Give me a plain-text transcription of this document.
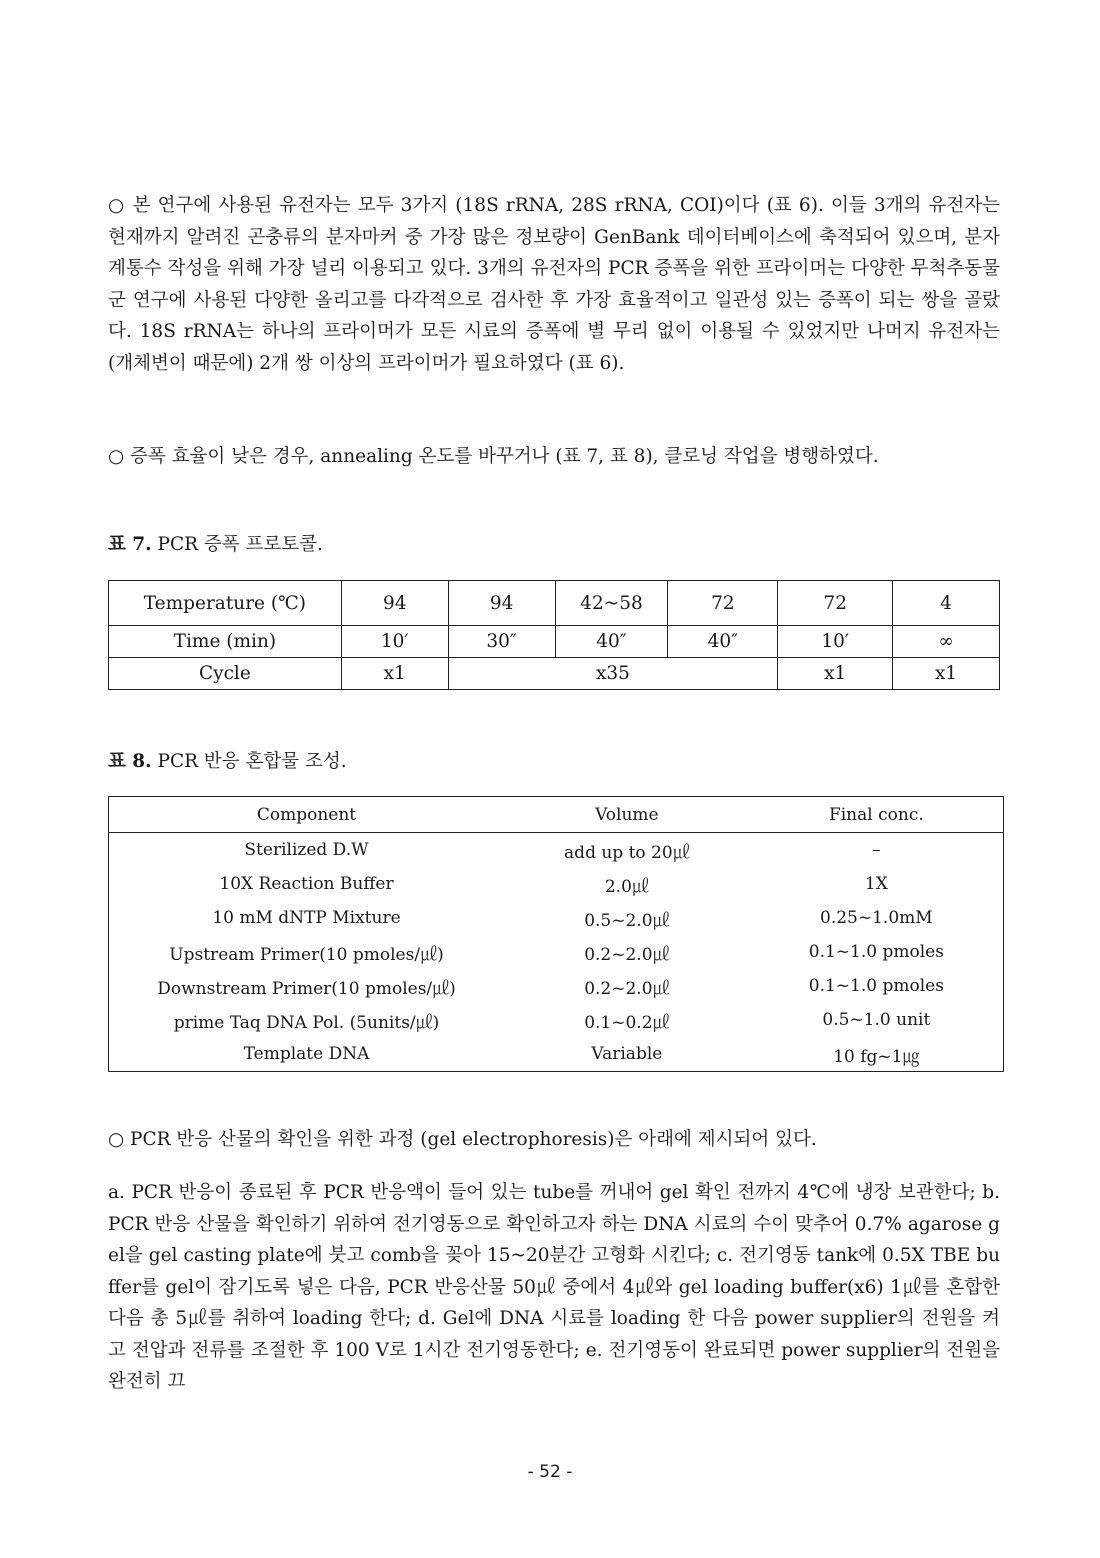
○ 본 연구에 사용된 유전자는 모두 3가지 (18S rRNA, 28S rRNA, COI)이다 (표 6). 이들 3개의 유전자는 현재까지 알려진 곤충류의 분자마커 중 가장 많은 정보량이 GenBank 데이터베이스에 축적되어 있으며, 분자계통수 작성을 위해 가장 널리 이용되고 있다. 3개의 유전자의 PCR 증폭을 위한 프라이머는 다양한 무척추동물군 연구에 사용된 다양한 올리고를 다각적으로 검사한 후 가장 효율적이고 일관성 있는 증폭이 되는 쌍을 골랐다. 18S rRNA는 하나의 프라이머가 모든 시료의 증폭에 별 무리 없이 이용될 수 있었지만 나머지 유전자는 (개체변이 때문에) 2개 쌍 이상의 프라이머가 필요하였다 (표 6).

○ 증폭 효율이 낮은 경우, annealing 온도를 바꾸거나 (표 7, 표 8), 클로닝 작업을 병행하였다.

표 7. PCR 증폭 프로토콜.

Temperature (℃)	94	94	42~58	72	72	4
Time (min)	10′	30″	40″	40″	10′	∞
Cycle	x1	x35			x1	x1

표 8. PCR 반응 혼합물 조성.

Component	Volume	Final conc.
Sterilized D.W	add up to 20㎕	–
10X Reaction Buffer	2.0㎕	1X
10 mM dNTP Mixture	0.5~2.0㎕	0.25~1.0mM
Upstream Primer(10 pmoles/㎕)	0.2~2.0㎕	0.1~1.0 pmoles
Downstream Primer(10 pmoles/㎕)	0.2~2.0㎕	0.1~1.0 pmoles
prime Taq DNA Pol. (5units/㎕)	0.1~0.2㎕	0.5~1.0 unit
Template DNA	Variable	10 fg~1㎍

○ PCR 반응 산물의 확인을 위한 과정 (gel electrophoresis)은 아래에 제시되어 있다.

a. PCR 반응이 종료된 후 PCR 반응액이 들어 있는 tube를 꺼내어 gel 확인 전까지 4℃에 냉장 보관한다; b. PCR 반응 산물을 확인하기 위하여 전기영동으로 확인하고자 하는 DNA 시료의 수이 맞추어 0.7% agarose gel을 gel casting plate에 붓고 comb을 꽂아 15~20분간 고형화 시킨다; c. 전기영동 tank에 0.5X TBE buffer를 gel이 잠기도록 넣은 다음, PCR 반응산물 50㎕ 중에서 4㎕와 gel loading buffer(x6) 1㎕를 혼합한 다음 총 5㎕를 취하여 loading 한다; d. Gel에 DNA 시료를 loading 한 다음 power supplier의 전원을 켜고 전압과 전류를 조절한 후 100 V로 1시간 전기영동한다; e. 전기영동이 완료되면 power supplier의 전원을 완전히 끄

- 52 -
